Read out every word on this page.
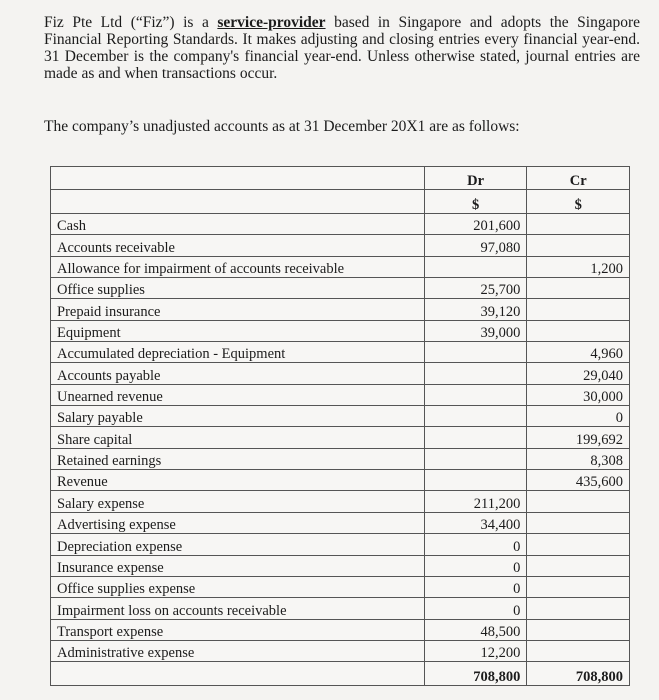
Fiz Pte Ltd (“Fiz”) is a service-provider based in Singapore and adopts the Singapore Financial Reporting Standards. It makes adjusting and closing entries every financial year-end. 31 December is the company's financial year-end. Unless otherwise stated, journal entries are made as and when transactions occur.
The company’s unadjusted accounts as at 31 December 20X1 are as follows:
	Dr	Cr
	$	$
Cash	201,600	
Accounts receivable	97,080	
Allowance for impairment of accounts receivable		1,200
Office supplies	25,700	
Prepaid insurance	39,120	
Equipment	39,000	
Accumulated depreciation - Equipment		4,960
Accounts payable		29,040
Unearned revenue		30,000
Salary payable		0
Share capital		199,692
Retained earnings		8,308
Revenue		435,600
Salary expense	211,200	
Advertising expense	34,400	
Depreciation expense	0	
Insurance expense	0	
Office supplies expense	0	
Impairment loss on accounts receivable	0	
Transport expense	48,500	
Administrative expense	12,200	
	708,800	708,800
